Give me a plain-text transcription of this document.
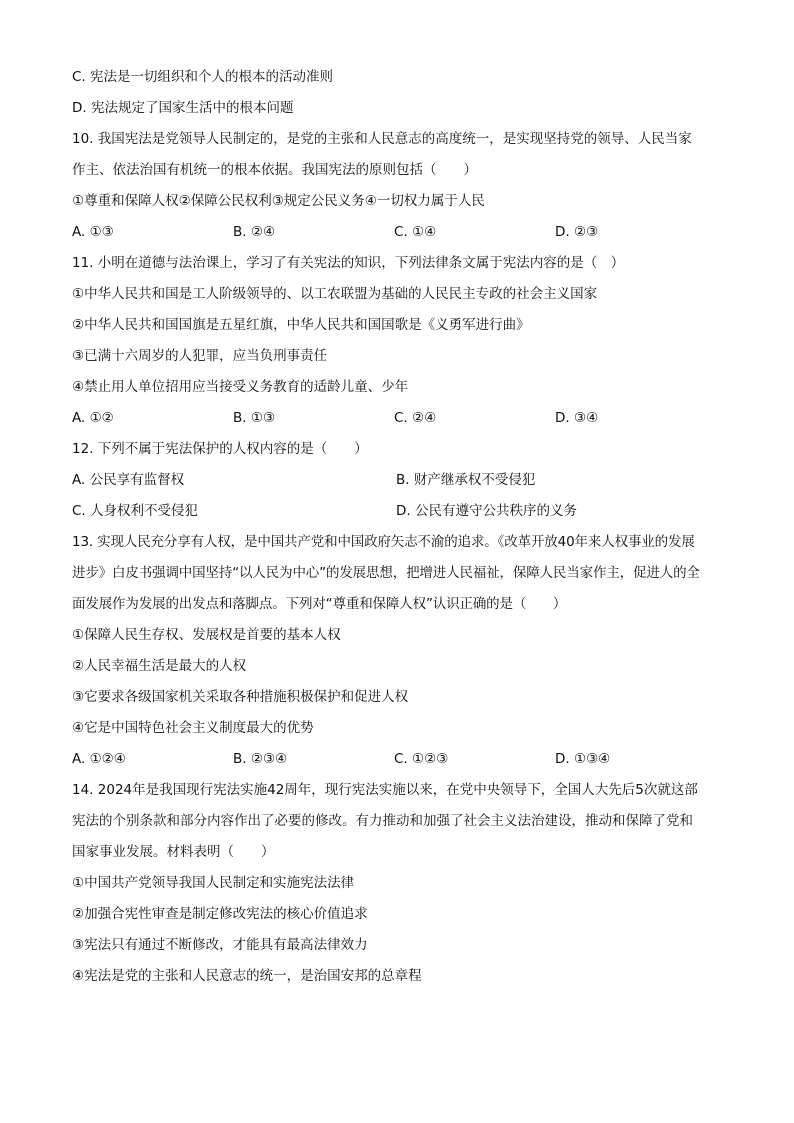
C. 宪法是一切组织和个人的根本的活动准则
D. 宪法规定了国家生活中的根本问题
10. 我国宪法是党领导人民制定的，是党的主张和人民意志的高度统一，是实现坚持党的领导、人民当家
作主、依法治国有机统一的根本依据。我国宪法的原则包括（　　）
①尊重和保障人权②保障公民权利③规定公民义务④一切权力属于人民
A. ①③	B. ②④	C. ①④	D. ②③
11. 小明在道德与法治课上，学习了有关宪法的知识，下列法律条文属于宪法内容的是（　）
①中华人民共和国是工人阶级领导的、以工农联盟为基础的人民民主专政的社会主义国家
②中华人民共和国国旗是五星红旗，中华人民共和国国歌是《义勇军进行曲》
③已满十六周岁的人犯罪，应当负刑事责任
④禁止用人单位招用应当接受义务教育的适龄儿童、少年
A. ①②	B. ①③	C. ②④	D. ③④
12. 下列不属于宪法保护的人权内容的是（　　）
A. 公民享有监督权	B. 财产继承权不受侵犯
C. 人身权利不受侵犯	D. 公民有遵守公共秩序的义务
13. 实现人民充分享有人权，是中国共产党和中国政府矢志不渝的追求。《改革开放40年来人权事业的发展
进步》白皮书强调中国坚持“以人民为中心”的发展思想，把增进人民福祉，保障人民当家作主，促进人的全
面发展作为发展的出发点和落脚点。下列对“尊重和保障人权”认识正确的是（　　）
①保障人民生存权、发展权是首要的基本人权
②人民幸福生活是最大的人权
③它要求各级国家机关采取各种措施积极保护和促进人权
④它是中国特色社会主义制度最大的优势
A. ①②④	B. ②③④	C. ①②③	D. ①③④
14. 2024年是我国现行宪法实施42周年，现行宪法实施以来，在党中央领导下，全国人大先后5次就这部
宪法的个别条款和部分内容作出了必要的修改。有力推动和加强了社会主义法治建设，推动和保障了党和
国家事业发展。材料表明（　　）
①中国共产党领导我国人民制定和实施宪法法律
②加强合宪性审查是制定修改宪法的核心价值追求
③宪法只有通过不断修改，才能具有最高法律效力
④宪法是党的主张和人民意志的统一，是治国安邦的总章程
